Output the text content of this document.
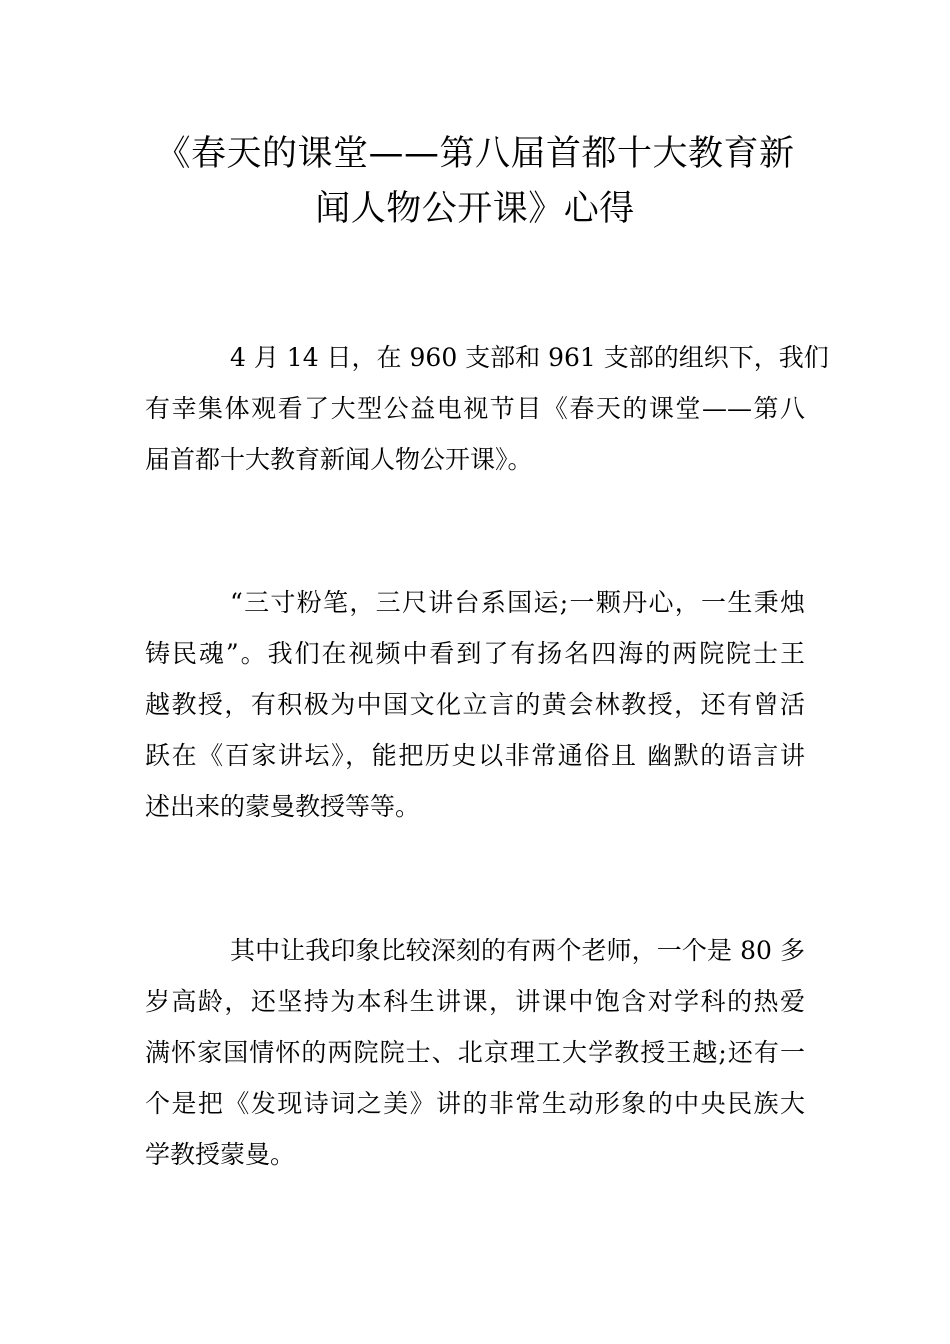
《春天的课堂——第八届首都十大教育新
闻人物公开课》心得
4 月 14 日，在 960 支部和 961 支部的组织下，我们
有幸集体观看了大型公益电视节目《春天的课堂——第八
届首都十大教育新闻人物公开课》。
“三寸粉笔，三尺讲台系国运;一颗丹心，一生秉烛
铸民魂”。我们在视频中看到了有扬名四海的两院院士王
越教授，有积极为中国文化立言的黄会林教授，还有曾活
跃在《百家讲坛》，能把历史以非常通俗且 幽默的语言讲
述出来的蒙曼教授等等。
其中让我印象比较深刻的有两个老师，一个是 80 多
岁高龄，还坚持为本科生讲课，讲课中饱含对学科的热爱
满怀家国情怀的两院院士、北京理工大学教授王越;还有一
个是把《发现诗词之美》讲的非常生动形象的中央民族大
学教授蒙曼。
